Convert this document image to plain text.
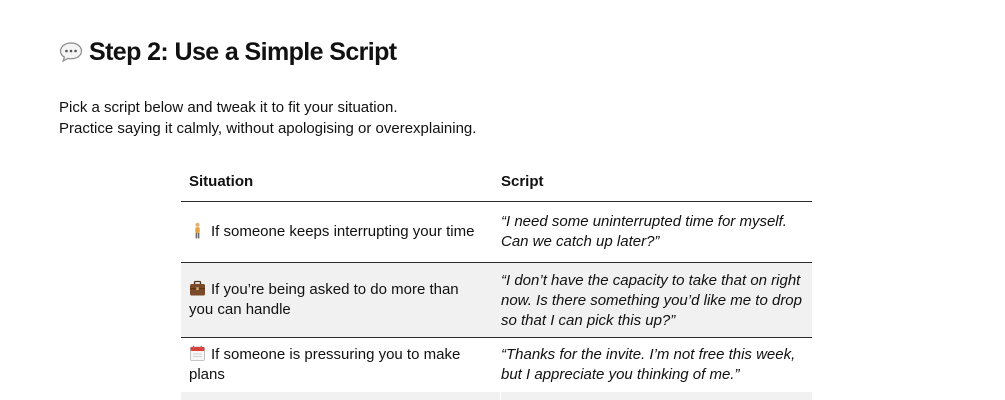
Step 2: Use a Simple Script

Pick a script below and tweak it to fit your situation.

Practice saying it calmly, without apologising or overexplaining.

Situation	Script
If someone keeps interrupting your time
“I need some uninterrupted time for myself. Can we catch up later?”
If you’re being asked to do more than you can handle
“I don’t have the capacity to take that on right now. Is there something you’d like me to drop so that I can pick this up?”
If someone is pressuring you to make plans
“Thanks for the invite. I’m not free this week, but I appreciate you thinking of me.”
